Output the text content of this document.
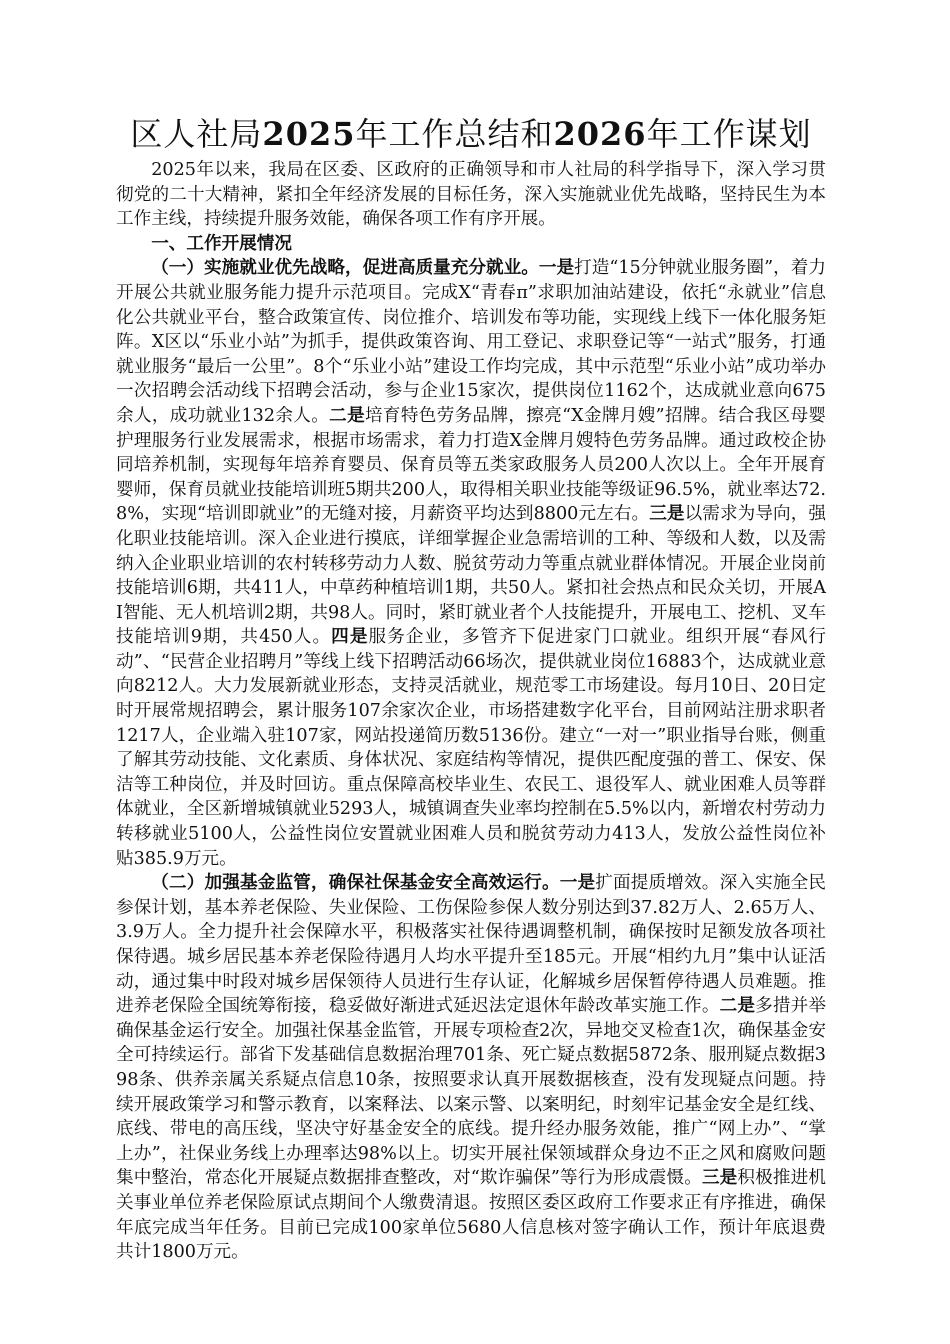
区人社局2025年工作总结和2026年工作谋划

2025年以来，我局在区委、区政府的正确领导和市人社局的科学指导下，深入学习贯彻党的二十大精神，紧扣全年经济发展的目标任务，深入实施就业优先战略，坚持民生为本工作主线，持续提升服务效能，确保各项工作有序开展。

一、工作开展情况

（一）实施就业优先战略，促进高质量充分就业。一是打造“15分钟就业服务圈”，着力开展公共就业服务能力提升示范项目。完成X“青春π”求职加油站建设，依托“永就业”信息化公共就业平台，整合政策宣传、岗位推介、培训发布等功能，实现线上线下一体化服务矩阵。X区以“乐业小站”为抓手，提供政策咨询、用工登记、求职登记等“一站式”服务，打通就业服务“最后一公里”。8个“乐业小站”建设工作均完成，其中示范型“乐业小站”成功举办一次招聘会活动线下招聘会活动，参与企业15家次，提供岗位1162个，达成就业意向675余人，成功就业132余人。二是培育特色劳务品牌，擦亮“X金牌月嫂”招牌。结合我区母婴护理服务行业发展需求，根据市场需求，着力打造X金牌月嫂特色劳务品牌。通过政校企协同培养机制，实现每年培养育婴员、保育员等五类家政服务人员200人次以上。全年开展育婴师，保育员就业技能培训班5期共200人，取得相关职业技能等级证96.5%，就业率达72.8%，实现“培训即就业”的无缝对接，月薪资平均达到8800元左右。三是以需求为导向，强化职业技能培训。深入企业进行摸底，详细掌握企业急需培训的工种、等级和人数，以及需纳入企业职业培训的农村转移劳动力人数、脱贫劳动力等重点就业群体情况。开展企业岗前技能培训6期，共411人，中草药种植培训1期，共50人。紧扣社会热点和民众关切，开展AI智能、无人机培训2期，共98人。同时，紧盯就业者个人技能提升，开展电工、挖机、叉车技能培训9期，共450人。四是服务企业，多管齐下促进家门口就业。组织开展“春风行动”、“民营企业招聘月”等线上线下招聘活动66场次，提供就业岗位16883个，达成就业意向8212人。大力发展新就业形态，支持灵活就业，规范零工市场建设。每月10日、20日定时开展常规招聘会，累计服务107余家次企业，市场搭建数字化平台，目前网站注册求职者1217人，企业端入驻107家，网站投递简历数5136份。建立“一对一”职业指导台账，侧重了解其劳动技能、文化素质、身体状况、家庭结构等情况，提供匹配度强的普工、保安、保洁等工种岗位，并及时回访。重点保障高校毕业生、农民工、退役军人、就业困难人员等群体就业，全区新增城镇就业5293人，城镇调查失业率均控制在5.5%以内，新增农村劳动力转移就业5100人，公益性岗位安置就业困难人员和脱贫劳动力413人，发放公益性岗位补贴385.9万元。

（二）加强基金监管，确保社保基金安全高效运行。一是扩面提质增效。深入实施全民参保计划，基本养老保险、失业保险、工伤保险参保人数分别达到37.82万人、2.65万人、3.9万人。全力提升社会保障水平，积极落实社保待遇调整机制，确保按时足额发放各项社保待遇。城乡居民基本养老保险待遇月人均水平提升至185元。开展“相约九月”集中认证活动，通过集中时段对城乡居保领待人员进行生存认证，化解城乡居保暂停待遇人员难题。推进养老保险全国统筹衔接，稳妥做好渐进式延迟法定退休年龄改革实施工作。二是多措并举确保基金运行安全。加强社保基金监管，开展专项检查2次，异地交叉检查1次，确保基金安全可持续运行。部省下发基础信息数据治理701条、死亡疑点数据5872条、服刑疑点数据398条、供养亲属关系疑点信息10条，按照要求认真开展数据核查，没有发现疑点问题。持续开展政策学习和警示教育，以案释法、以案示警、以案明纪，时刻牢记基金安全是红线、底线、带电的高压线，坚决守好基金安全的底线。提升经办服务效能，推广“网上办”、“掌上办”，社保业务线上办理率达98%以上。切实开展社保领域群众身边不正之风和腐败问题集中整治，常态化开展疑点数据排查整改，对“欺诈骗保”等行为形成震慑。三是积极推进机关事业单位养老保险原试点期间个人缴费清退。按照区委区政府工作要求正有序推进，确保年底完成当年任务。目前已完成100家单位5680人信息核对签字确认工作，预计年底退费共计1800万元。
